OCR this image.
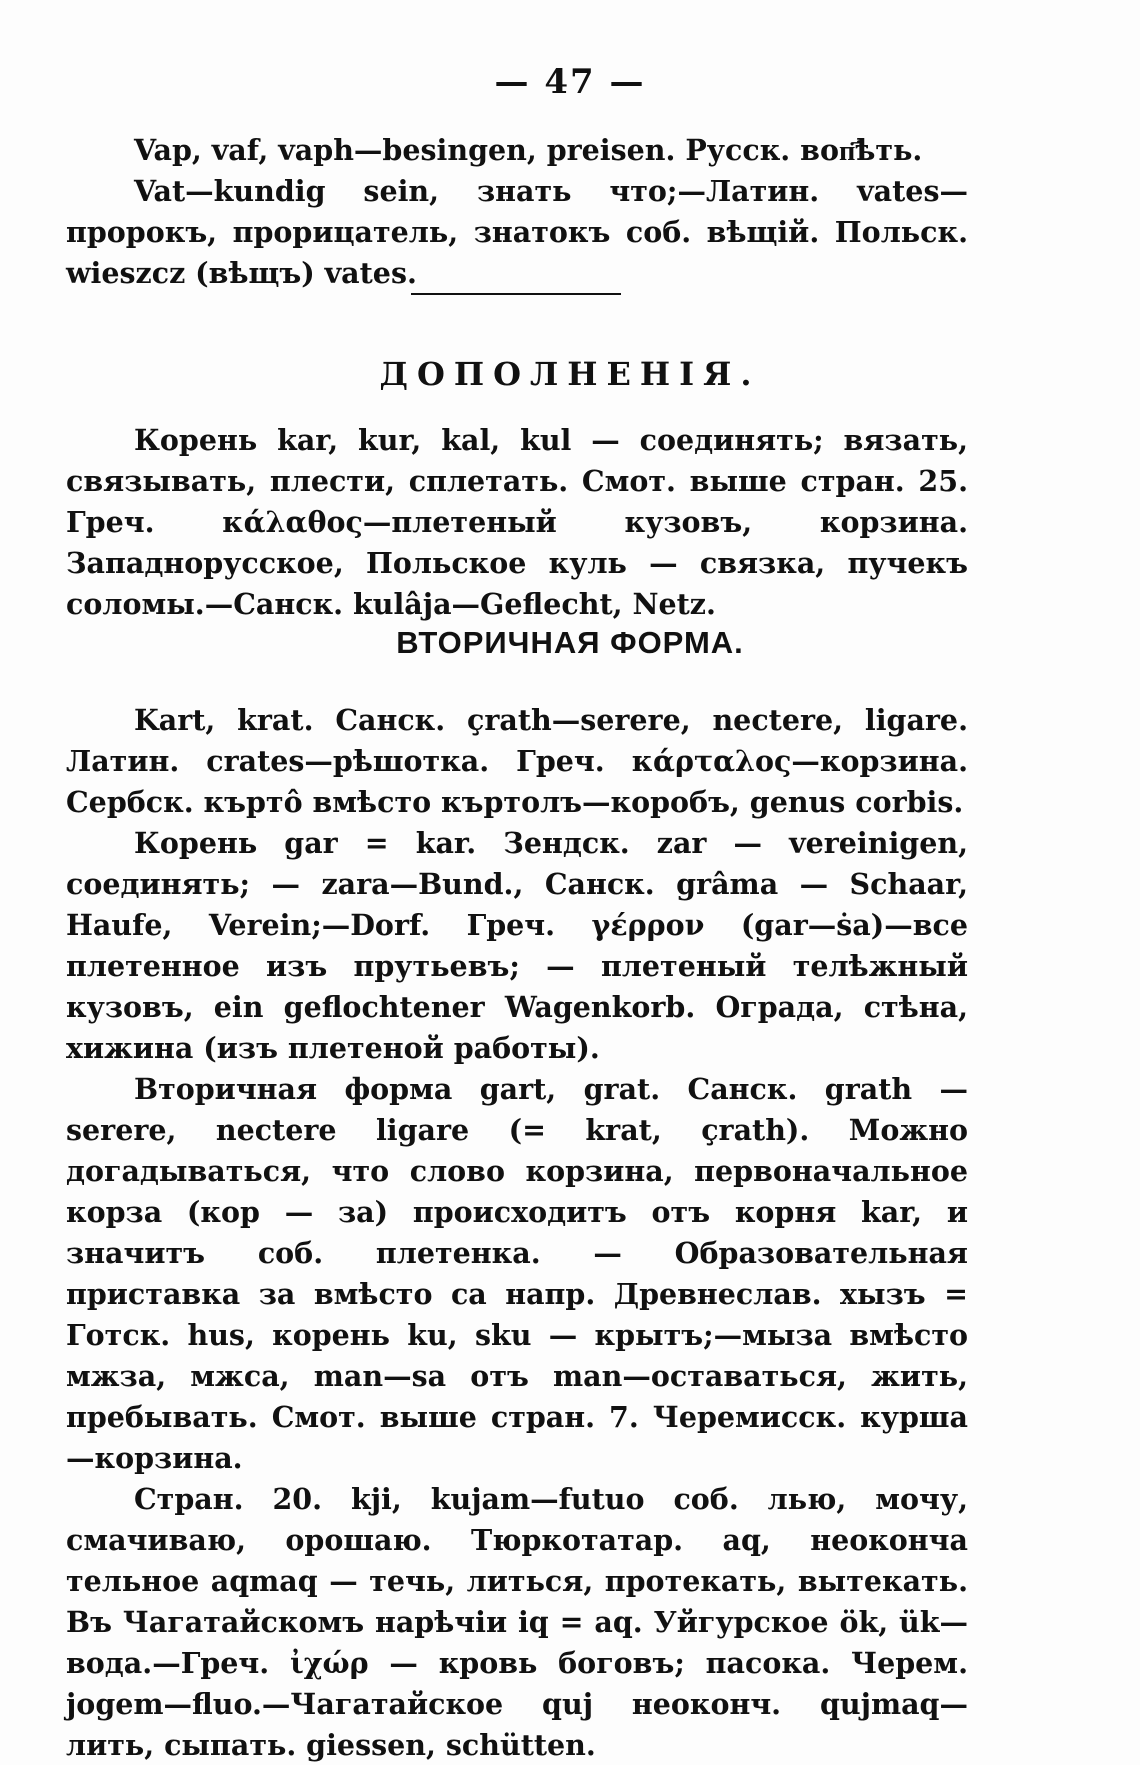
— 47 —

Vap, vaf, vaph—besingen, preisen. Русск. воп҃ѣть.

Vat—kundig sein, знать что;—Латин. vates—пророкъ, прорицатель, знатокъ соб. вѣщій. Польск. wieszcz (вѣщъ) vates.

ДОПОЛНЕНІЯ.

Корень kar, kur, kal, kul — соединять; вязать, связывать, плести, сплетать. Смот. выше стран. 25. Греч. κάλαθος—плетеный кузовъ, корзина. Западнорусское, Польское куль — связка, пучекъ соломы.—Санск. kulâja—Geflecht, Netz.

ВТОРИЧНАЯ ФОРМА.

Kart, krat. Санск. çrath—serere, nectere, ligare. Латин. crates—рѣшотка. Греч. κάρταλος—корзина. Сербск. кърто̂ вмѣсто къртолъ—коробъ, genus corbis.

Корень gar = kar. Зендск. zar — vereinigen, соединять; — zara—Bund., Санск. grâma — Schaar, Haufe, Verein;—Dorf. Греч. γέρρον (gar—ṡa)—все плетенное изъ прутьевъ; — плетеный телѣжный кузовъ, ein geflochtener Wagenkorb. Ограда, стѣна, хижина (изъ плетеной работы).

Вторичная форма gart, grat. Санск. grath — serere, nectere ligare (= krat, çrath). Можно догадываться, что слово корзина, первоначальное корза (кор — за) происходитъ отъ корня kar, и значитъ соб. плетенка. — Образовательная приставка за вмѣсто са напр. Древнеслав. хызъ = Готск. hus, корень ku, sku — крытъ;—мыза вмѣсто мжза, мжса, man—sa отъ man—оставаться, жить, пребывать. Смот. выше стран. 7. Черемисск. курша—корзина.

Стран. 20. kji, kujam—futuo соб. лью, мочу, смачиваю, орошаю. Тюркотатар. aq, неоконча тельное aqmaq — течь, литься, протекать, вытекать. Въ Чагатайскомъ нарѣчіи iq = aq. Уйгурское ök, ük—вода.—Греч. ἰχώρ — кровь боговъ; пасока. Черем. jogem—fluo.—Чагатайское quj неоконч. qujmaq—лить, сыпать. giessen, schütten.
